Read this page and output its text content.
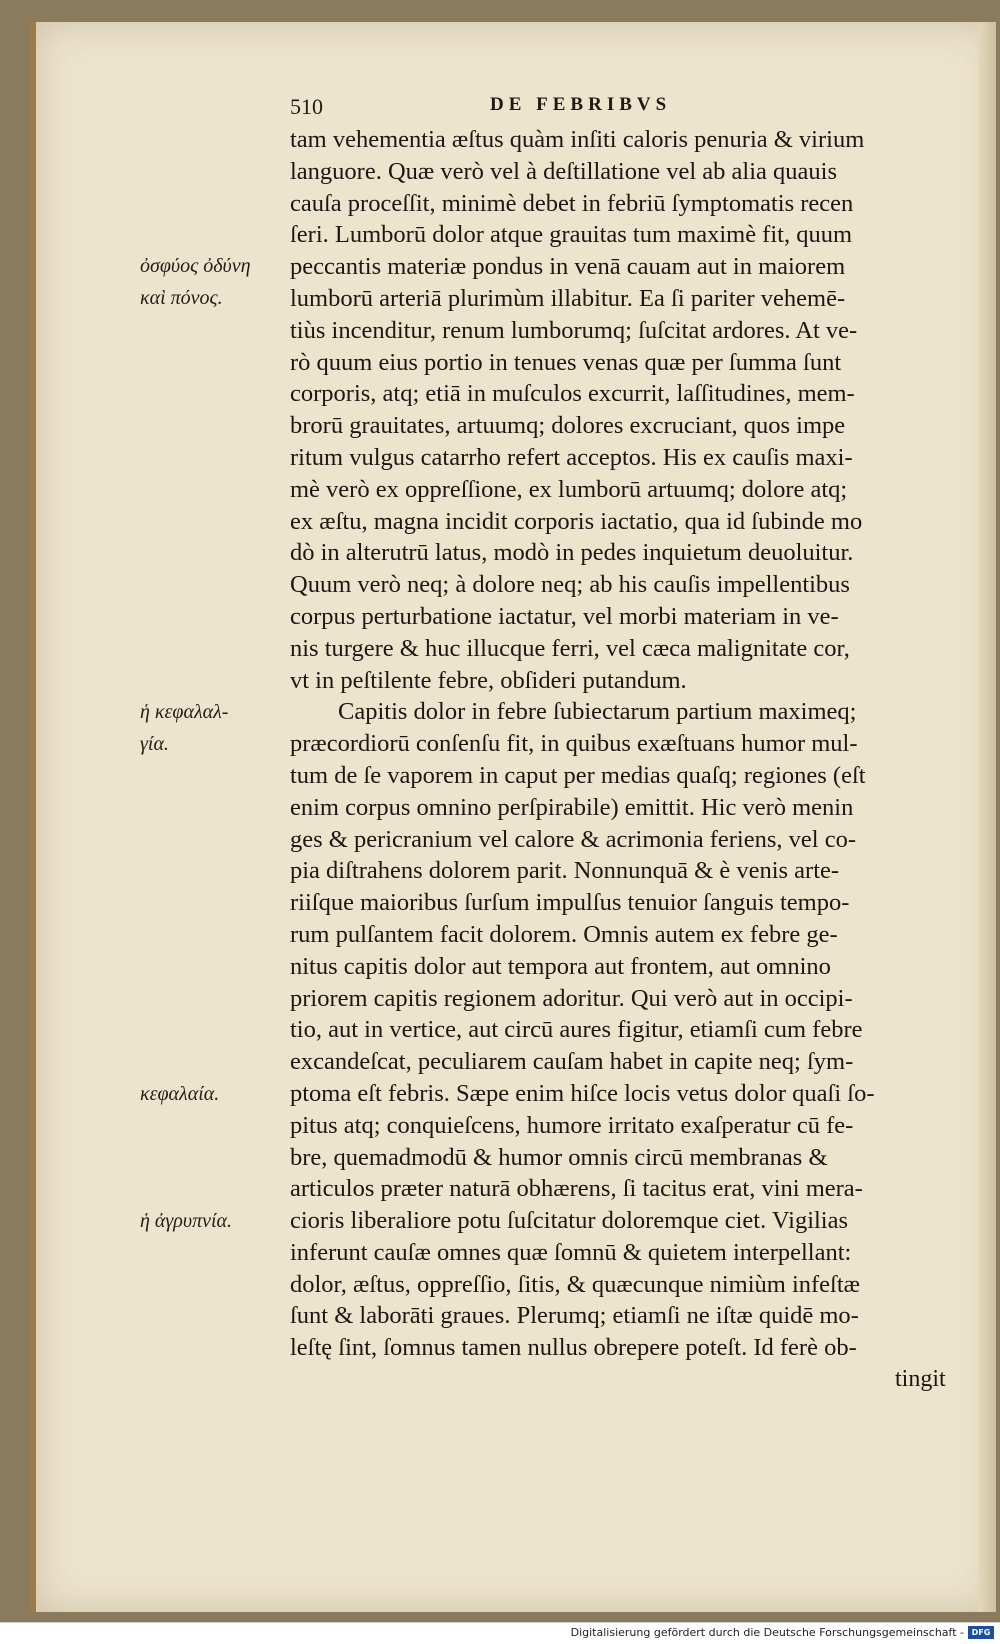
510	DE FEBRIBVS
tam vehementia æſtus quàm inſiti caloris penuria & virium
languore. Quæ verò vel à deſtillatione vel ab alia quauis
cauſa proceſſit, minimè debet in febriū ſymptomatis recen
ſeri. Lumborū dolor atque grauitas tum maximè fit, quum
peccantis materiæ pondus in venā cauam aut in maiorem
lumborū arteriā plurimùm illabitur. Ea ſi pariter vehemē-
tiùs incenditur, renum lumborumq; ſuſcitat ardores. At ve-
rò quum eius portio in tenues venas quæ per ſumma ſunt
corporis, atq; etiā in muſculos excurrit, laſſitudines, mem-
brorū grauitates, artuumq; dolores excruciant, quos impe
ritum vulgus catarrho refert acceptos. His ex cauſis maxi-
mè verò ex oppreſſione, ex lumborū artuumq; dolore atq;
ex æſtu, magna incidit corporis iactatio, qua id ſubinde mo
dò in alterutrū latus, modò in pedes inquietum deuoluitur.
Quum verò neq; à dolore neq; ab his cauſis impellentibus
corpus perturbatione iactatur, vel morbi materiam in ve-
nis turgere & huc illucque ferri, vel cæca malignitate cor,
vt in peſtilente febre, obſideri putandum.
Capitis dolor in febre ſubiectarum partium maximeq;
præcordiorū conſenſu fit, in quibus exæſtuans humor mul-
tum de ſe vaporem in caput per medias quaſq; regiones (eſt
enim corpus omnino perſpirabile) emittit. Hic verò menin
ges & pericranium vel calore & acrimonia feriens, vel co-
pia diſtrahens dolorem parit. Nonnunquā & è venis arte-
riiſque maioribus ſurſum impulſus tenuior ſanguis tempo-
rum pulſantem facit dolorem. Omnis autem ex febre ge-
nitus capitis dolor aut tempora aut frontem, aut omnino
priorem capitis regionem adoritur. Qui verò aut in occipi-
tio, aut in vertice, aut circū aures figitur, etiamſi cum febre
excandeſcat, peculiarem cauſam habet in capite neq; ſym-
ptoma eſt febris. Sæpe enim hiſce locis vetus dolor quaſi ſo-
pitus atq; conquieſcens, humore irritato exaſperatur cū fe-
bre, quemadmodū & humor omnis circū membranas &
articulos præter naturā obhærens, ſi tacitus erat, vini mera-
cioris liberaliore potu ſuſcitatur doloremque ciet. Vigilias
inferunt cauſæ omnes quæ ſomnū & quietem interpellant:
dolor, æſtus, oppreſſio, ſitis, & quæcunque nimiùm infeſtæ
ſunt & laborāti graues. Plerumq; etiamſi ne iſtæ quidē mo-
leſtę ſint, ſomnus tamen nullus obrepere poteſt. Id ferè ob-
ὀσφύος ὀδύνη
καὶ πόνος.
ἡ κεφαλαλ-
γία.
κεφαλαία.
ἡ ἀγρυπνία.
tingit
Digitalisierung gefördert durch die Deutsche Forschungsgemeinschaft - DFG
